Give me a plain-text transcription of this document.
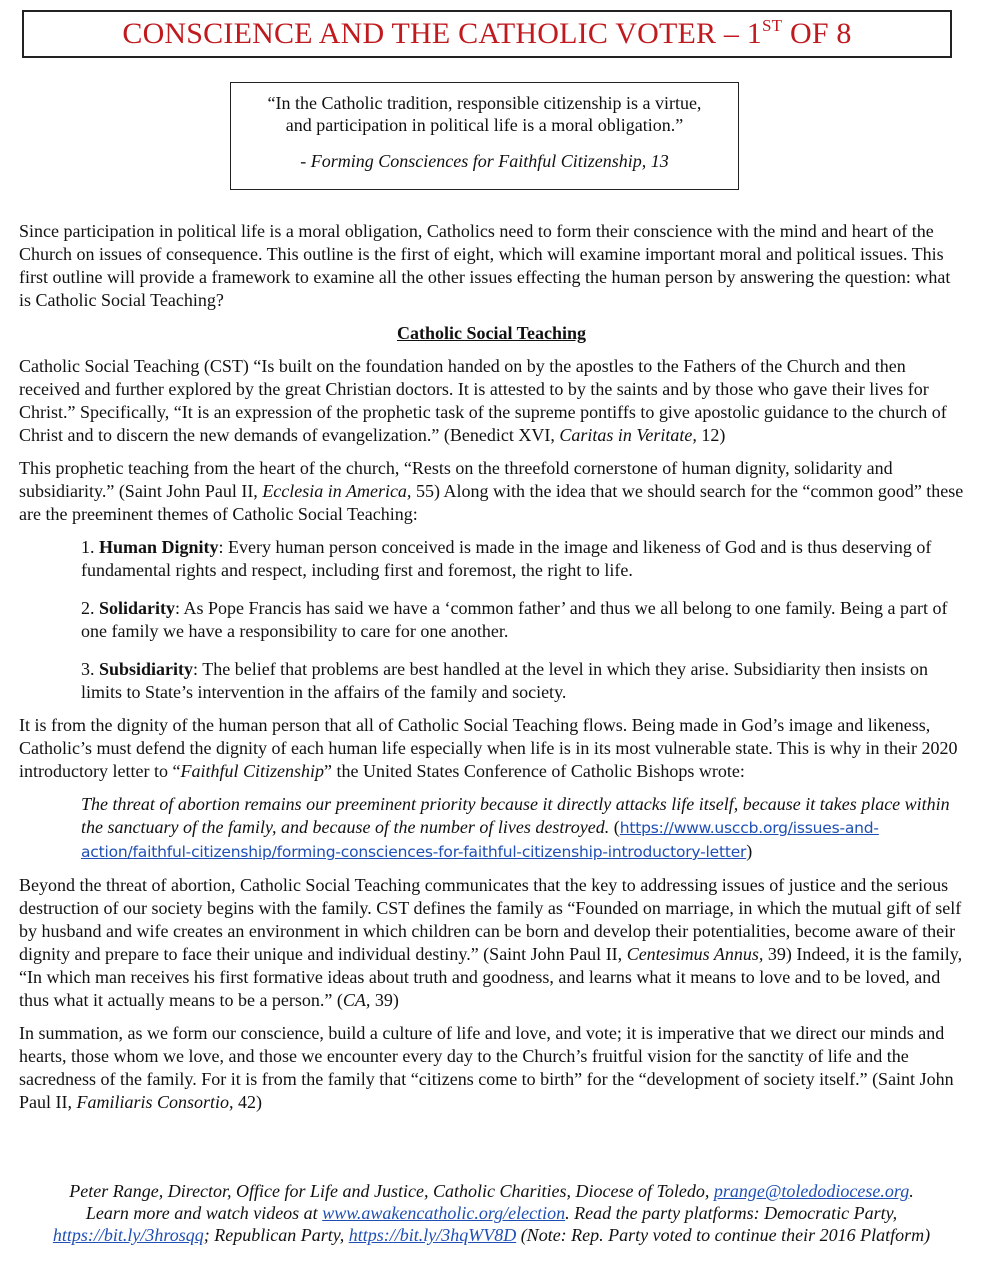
CONSCIENCE AND THE CATHOLIC VOTER – 1ST OF 8

“In the Catholic tradition, responsible citizenship is a virtue,

and participation in political life is a moral obligation.”

- Forming Consciences for Faithful Citizenship, 13

Since participation in political life is a moral obligation, Catholics need to form their conscience with the mind and heart of the Church on issues of consequence. This outline is the first of eight, which will examine important moral and political issues. This first outline will provide a framework to examine all the other issues effecting the human person by answering the question: what is Catholic Social Teaching?

Catholic Social Teaching

Catholic Social Teaching (CST) “Is built on the foundation handed on by the apostles to the Fathers of the Church and then received and further explored by the great Christian doctors. It is attested to by the saints and by those who gave their lives for Christ.” Specifically, “It is an expression of the prophetic task of the supreme pontiffs to give apostolic guidance to the church of Christ and to discern the new demands of evangelization.” (Benedict XVI, Caritas in Veritate, 12)

This prophetic teaching from the heart of the church, “Rests on the threefold cornerstone of human dignity, solidarity and subsidiarity.” (Saint John Paul II, Ecclesia in America, 55) Along with the idea that we should search for the “common good” these are the preeminent themes of Catholic Social Teaching:

1. Human Dignity: Every human person conceived is made in the image and likeness of God and is thus deserving of fundamental rights and respect, including first and foremost, the right to life.

2. Solidarity: As Pope Francis has said we have a ‘common father’ and thus we all belong to one family. Being a part of one family we have a responsibility to care for one another.

3. Subsidiarity: The belief that problems are best handled at the level in which they arise. Subsidiarity then insists on limits to State’s intervention in the affairs of the family and society.

It is from the dignity of the human person that all of Catholic Social Teaching flows. Being made in God’s image and likeness, Catholic’s must defend the dignity of each human life especially when life is in its most vulnerable state. This is why in their 2020 introductory letter to “Faithful Citizenship” the United States Conference of Catholic Bishops wrote:

The threat of abortion remains our preeminent priority because it directly attacks life itself, because it takes place within the sanctuary of the family, and because of the number of lives destroyed. (https://www.usccb.org/issues-and-action/faithful-citizenship/forming-consciences-for-faithful-citizenship-introductory-letter)

Beyond the threat of abortion, Catholic Social Teaching communicates that the key to addressing issues of justice and the serious destruction of our society begins with the family. CST defines the family as “Founded on marriage, in which the mutual gift of self by husband and wife creates an environment in which children can be born and develop their potentialities, become aware of their dignity and prepare to face their unique and individual destiny.” (Saint John Paul II, Centesimus Annus, 39) Indeed, it is the family, “In which man receives his first formative ideas about truth and goodness, and learns what it means to love and to be loved, and thus what it actually means to be a person.” (CA, 39)

In summation, as we form our conscience, build a culture of life and love, and vote; it is imperative that we direct our minds and hearts, those whom we love, and those we encounter every day to the Church’s fruitful vision for the sanctity of life and the sacredness of the family. For it is from the family that “citizens come to birth” for the “development of society itself.” (Saint John Paul II, Familiaris Consortio, 42)

Peter Range, Director, Office for Life and Justice, Catholic Charities, Diocese of Toledo, prange@toledodiocese.org.
Learn more and watch videos at www.awakencatholic.org/election. Read the party platforms: Democratic Party,
https://bit.ly/3hrosqq; Republican Party, https://bit.ly/3hqWV8D (Note: Rep. Party voted to continue their 2016 Platform)
